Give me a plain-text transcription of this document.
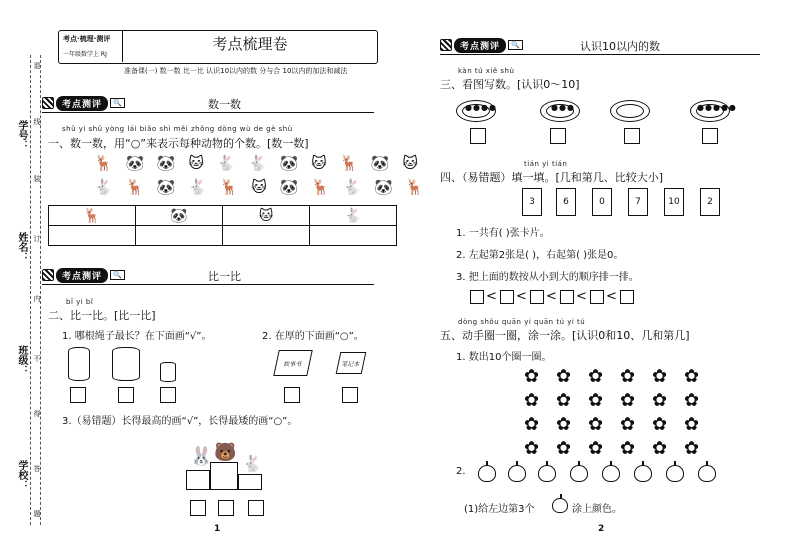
学号：
姓名：
班级：
学校：
退
线
装
订
内
不
得
答
题
考点·梳理·测评
一年级数学上 RJ
考点梳理卷
准备课(一) 数一数 比一比 认识10以内的数 分与合 10以内的加法和减法
考点测评	🔍	数一数
shǔ yi shǔ yòng lái biǎo shì měi zhǒng dòng wù de gè shù
一、数一数，用“○”来表示每种动物的个数。[数一数]
🦌 🐼 🐼 🐱 🐇 🐇 🐼 🐱 🦌 🐼 🐱
🐇 🦌 🐼 🐇 🦌 🐱 🐼 🦌 🐇 🐼 🦌
🦌	🐼	🐱	🐇

考点测评	🔍	比一比
bǐ yi bǐ
二、比一比。[比一比]
1. 哪根绳子最长？在下面画“√”。	2. 在厚的下面画“○”。
故事书	笔记本
3.（易错题）长得最高的画“√”，长得最矮的画“○”。
🐰 🐻
🐇
1
考点测评	🔍	认识10以内的数
kàn tú xiě shù
三、看图写数。[认识0～10]
●●●●	●●●	●●●●●
tián yi tián
四、（易错题）填一填。[几和第几、比较大小]
3	6	0	7	10	2
1. 一共有( )张卡片。
2. 左起第2张是( )，右起第( )张是0。
3. 把上面的数按从小到大的顺序排一排。
< < < < <
dòng shǒu quān yi quān tú yi tú
五、动手圈一圈，涂一涂。[认识0和10、几和第几]
1. 数出10个圈一圈。
✿ ✿ ✿ ✿ ✿ ✿
✿ ✿ ✿ ✿ ✿ ✿
✿ ✿ ✿ ✿ ✿ ✿
✿ ✿ ✿ ✿ ✿ ✿
2.
(1)给左边第3个	涂上颜色。
2
